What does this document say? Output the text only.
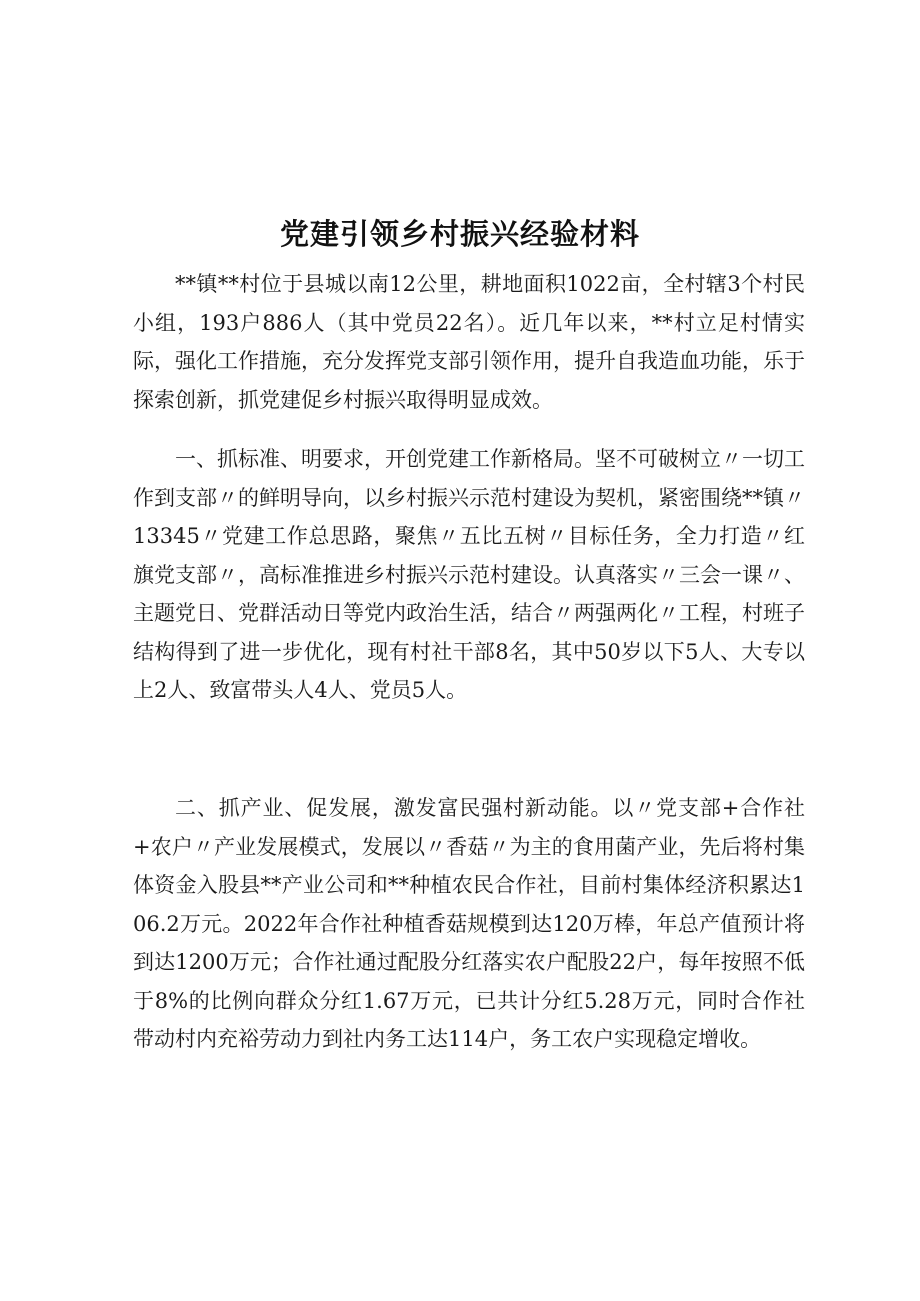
党建引领乡村振兴经验材料

**镇**村位于县城以南12公里，耕地面积1022亩，全村辖3个村民小组，193户886人（其中党员22名）。近几年以来，**村立足村情实际，强化工作措施，充分发挥党支部引领作用，提升自我造血功能，乐于探索创新，抓党建促乡村振兴取得明显成效。

一、抓标准、明要求，开创党建工作新格局。坚不可破树立〃一切工作到支部〃的鲜明导向，以乡村振兴示范村建设为契机，紧密围绕**镇〃13345〃党建工作总思路，聚焦〃五比五树〃目标任务，全力打造〃红旗党支部〃，高标准推进乡村振兴示范村建设。认真落实〃三会一课〃、主题党日、党群活动日等党内政治生活，结合〃两强两化〃工程，村班子结构得到了进一步优化，现有村社干部8名，其中50岁以下5人、大专以上2人、致富带头人4人、党员5人。

二、抓产业、促发展，激发富民强村新动能。以〃党支部+合作社+农户〃产业发展模式，发展以〃香菇〃为主的食用菌产业，先后将村集体资金入股县**产业公司和**种植农民合作社，目前村集体经济积累达106.2万元。2022年合作社种植香菇规模到达120万棒，年总产值预计将到达1200万元；合作社通过配股分红落实农户配股22户，每年按照不低于8%的比例向群众分红1.67万元，已共计分红5.28万元，同时合作社带动村内充裕劳动力到社内务工达114户，务工农户实现稳定增收。
